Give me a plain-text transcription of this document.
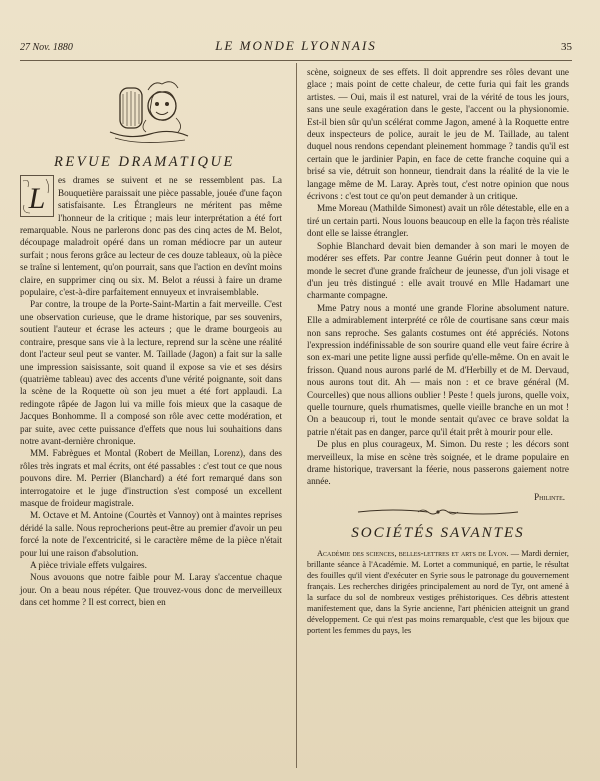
27 Nov. 1880	LE MONDE LYONNAIS	35
REVUE DRAMATIQUE

L
es drames se suivent et ne se ressemblent pas. La Bouquetière paraissait une pièce passable, jouée d'une façon satisfaisante. Les Étrangleurs ne méritent pas même l'honneur de la critique ; mais leur interprétation a été fort remarquable. Nous ne parlerons donc pas des cinq actes de M. Belot, découpage maladroit opéré dans un roman médiocre par un auteur surfait ; nous ferons grâce au lecteur de ces douze tableaux, où la pièce se traîne si lentement, qu'on pourrait, sans que l'action en devînt moins claire, en supprimer cinq ou six. M. Belot a réussi à faire un drame populaire, c'est-à-dire parfaitement ennuyeux et invraisemblable.

Par contre, la troupe de la Porte-Saint-Martin a fait merveille. C'est une observation curieuse, que le drame historique, par ses souvenirs, soutient l'auteur et écrase les acteurs ; que le drame bourgeois au contraire, presque sans vie à la lecture, reprend sur la scène une réalité dont l'acteur seul peut se vanter. M. Taillade (Jagon) a fait sur la salle une impression saisissante, soit quand il expose sa vie et ses désirs (quatrième tableau) avec des accents d'une vérité poignante, soit dans la scène de la Roquette où son jeu muet a été fort applaudi. La redingote râpée de Jagon lui va mille fois mieux que la casaque de Jacques Bonhomme. Il a composé son rôle avec cette modération, et par suite, avec cette puissance d'effets que nous lui souhaitions dans notre avant-dernière chronique.

MM. Fabrègues et Montal (Robert de Meillan, Lorenz), dans des rôles très ingrats et mal écrits, ont été passables : c'est tout ce que nous pouvons dire. M. Perrier (Blanchard) a été fort remarqué dans son interrogatoire et le juge d'instruction s'est composé un excellent masque de froideur magistrale.

M. Octave et M. Antoine (Courtès et Vannoy) ont à maintes reprises déridé la salle. Nous reprocherions peut-être au premier d'avoir un peu forcé la note de l'excentricité, si le caractère même de la pièce n'était pour lui une raison d'absolution.

A pièce triviale effets vulgaires.

Nous avouons que notre faible pour M. Laray s'accentue chaque jour. On a beau nous répéter. Que trouvez-vous donc de merveilleux dans cet homme ? Il est correct, bien en

scène, soigneux de ses effets. Il doit apprendre ses rôles devant une glace ; mais point de cette chaleur, de cette furia qui fait les grands artistes. — Oui, mais il est naturel, vrai de la vérité de tous les jours, sans une seule exagération dans le geste, l'accent ou la physionomie. Est-il bien sûr qu'un scélérat comme Jagon, amené à la Roquette entre deux inspecteurs de police, aurait le jeu de M. Taillade, au talent duquel nous rendons cependant pleinement hommage ? tandis qu'il est certain que le jardinier Papin, en face de cette franche coquine qui a brisé sa vie, détruit son honneur, tiendrait dans la réalité de la vie le langage même de M. Laray. Après tout, c'est notre opinion que nous écrivons : c'est tout ce qu'on peut demander à un critique.

Mme Moreau (Mathilde Simonest) avait un rôle détestable, elle en a tiré un certain parti. Nous louons beaucoup en elle la façon très réaliste dont elle se laisse étrangler.

Sophie Blanchard devait bien demander à son mari le moyen de modérer ses effets. Par contre Jeanne Guérin peut donner à tout le monde le secret d'une grande fraîcheur de jeunesse, d'un joli visage et d'un jeu très distingué : elle avait trouvé en Mlle Hadamart une charmante compagne.

Mme Patry nous a monté une grande Florine absolument nature. Elle a admirablement interprété ce rôle de courtisane sans cœur mais non sans reproche. Ses galants costumes ont été appréciés. Notons l'expression indéfinissable de son sourire quand elle veut faire écrire à son ex-mari une petite ligne aussi perfide qu'elle-même. On en avait le frisson. Quand nous aurons parlé de M. d'Herbilly et de M. Dervaud, nous aurons tout dit. Ah — mais non : et ce brave général (M. Courcelles) que nous allions oublier ! Peste ! quels jurons, quelle voix, quelle tournure, quels rhumatismes, quelle vieille branche en un mot ! On a beaucoup ri, tout le monde sentait qu'avec ce brave soldat la patrie n'était pas en danger, parce qu'il était prêt à mourir pour elle.

De plus en plus courageux, M. Simon. Du reste ; les décors sont merveilleux, la mise en scène très soignée, et le drame populaire en drame historique, traversant la féerie, nous passerons gaiement notre année.

Philinte.
SOCIÉTÉS SAVANTES

Académie des sciences, belles-lettres et arts de Lyon. — Mardi dernier, brillante séance à l'Académie. M. Lortet a communiqué, en partie, le résultat des fouilles qu'il vient d'exécuter en Syrie sous le patronage du gouvernement français. Les recherches dirigées principalement au nord de Tyr, ont amené à la surface du sol de nombreux vestiges préhistoriques. Ces débris attestent manifestement que, dans la Syrie ancienne, l'art phénicien atteignit un grand développement. Ce qui n'est pas moins remarquable, c'est que les bijoux que portent les femmes du pays, les
